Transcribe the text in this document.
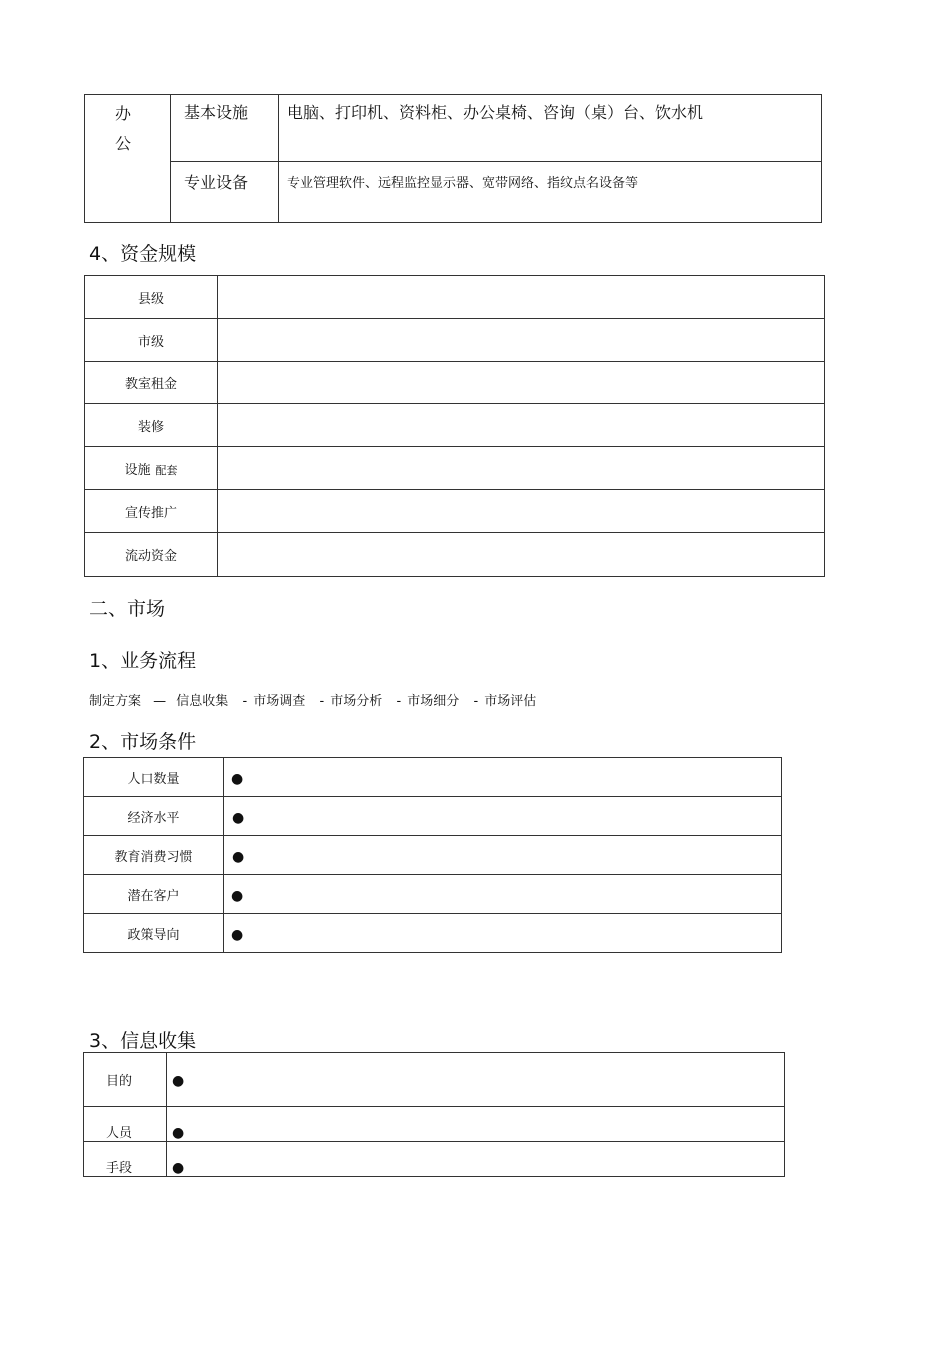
办公	基本设施	电脑、打印机、资料柜、办公桌椅、咨询（桌）台、饮水机

	专业设备	专业管理软件、远程监控显示器、宽带网络、指纹点名设备等
4、资金规模
县级	
市级	
教室租金	
装修	
设施 配套	
宣传推广	
流动资金	
二、市场
1、业务流程
制定方案 — 信息收集 - 市场调查 - 市场分析 - 市场细分 - 市场评估
2、市场条件
人口数量	●
经济水平	●
教育消费习惯	●
潜在客户	●
政策导向	●
3、信息收集
目的	●
人员	●
手段	●
